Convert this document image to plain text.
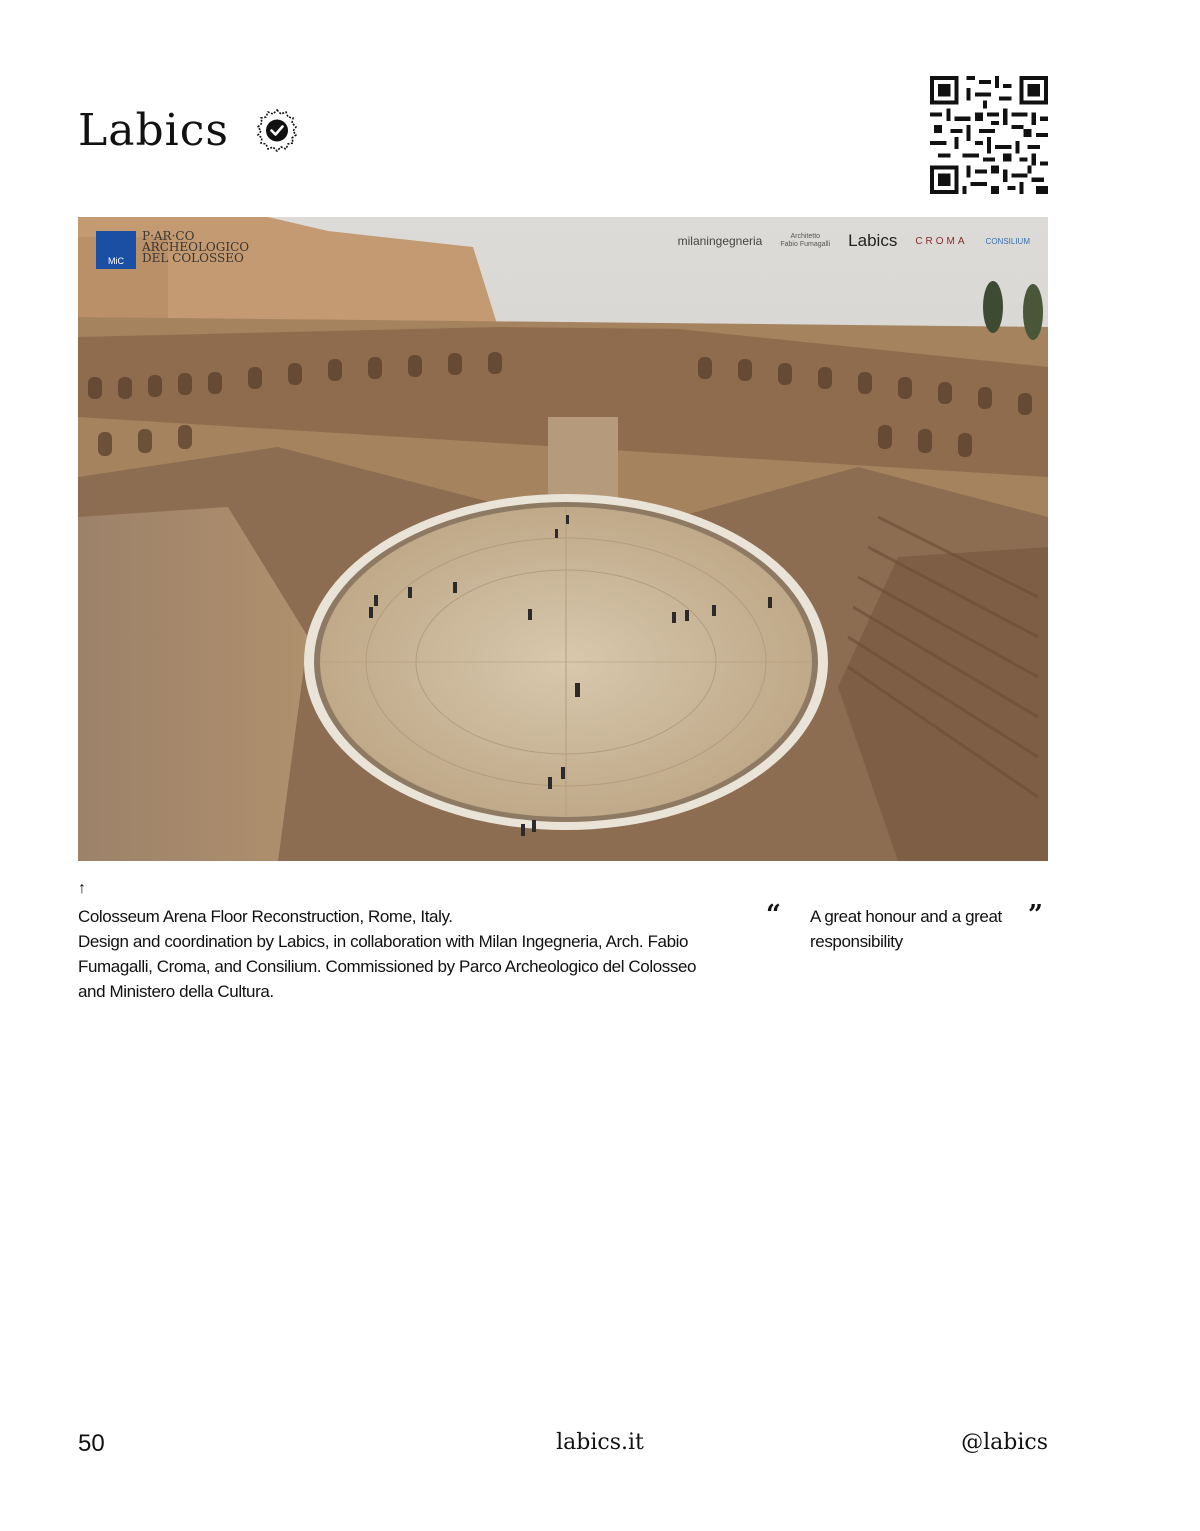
Labics
MiC
P·AR·CO
ARCHEOLOGICO
DEL COLOSSEO
milaningegneria	Architetto
Fabio Fumagalli Labics CROMA CONSILIUM
↑

Colosseum Arena Floor Reconstruction, Rome, Italy.

Design and coordination by Labics, in collaboration with Milan Ingegneria, Arch. Fabio Fumagalli, Croma, and Consilium. Commissioned by Parco Archeologico del Colosseo and Ministero della Cultura.

“ A great honour and a great responsibility
”
50	labics.it	@labics
